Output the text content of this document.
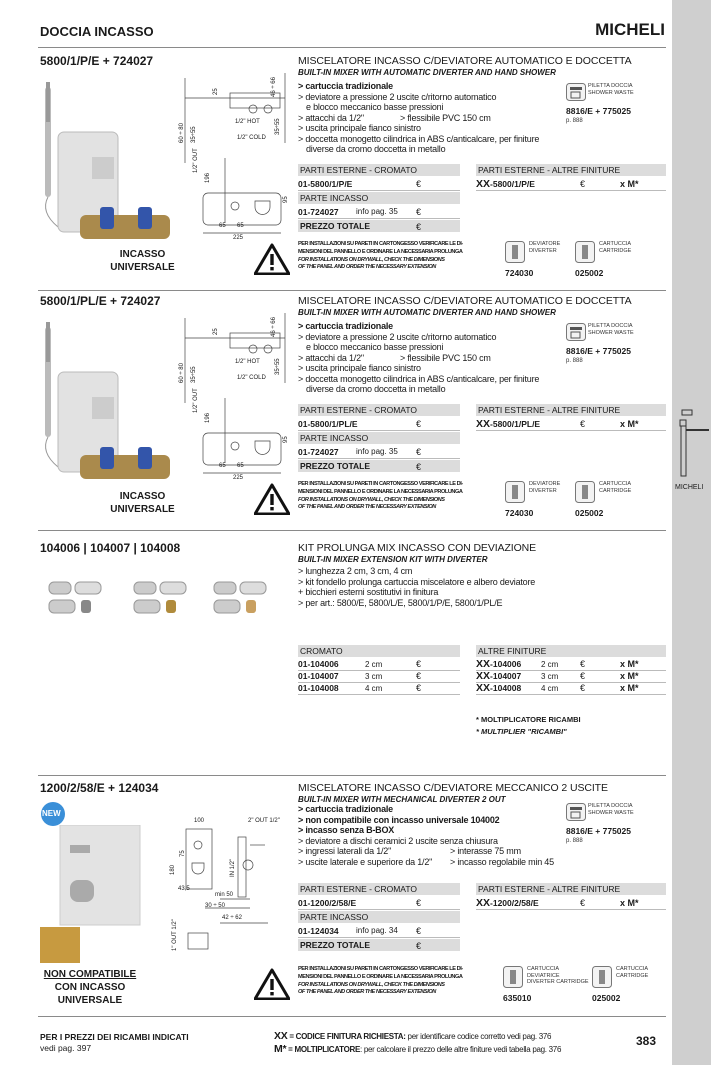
MICHELI
DOCCIA INCASSO	MICHELI
5800/1/P/E + 724027	MISCELATORE INCASSO C/DEVIATORE AUTOMATICO E DOCCETTA
BUILT-IN MIXER WITH AUTOMATIC DIVERTER AND HAND SHOWER
> cartuccia tradizionale
> deviatore a pressione 2 uscite c/ritorno automatico
e blocco meccanico basse pressioni
> attacchi da 1/2"	> flessibile PVC 150 cm
> uscita principale fianco sinistro
> doccetta monogetto cilindrica in ABS c/anticalcare, per finiture
diverse da cromo doccetta in metallo
PILETTA DOCCIA
SHOWER WASTE
8816/E + 775025
p. 888
PARTI ESTERNE - CROMATO	PARTI ESTERNE - ALTRE FINITURE
01-5800/1/P/E	€	XX-5800/1/P/E	€	x M*
PARTE INCASSO
01-724027 info pag. 35 €
PREZZO TOTALE	€
PER INSTALLAZIONI SU PARETI IN CARTONGESSO VERIFICARE LE DI-
MENSIONI DEL PANNELLO E ORDINARE LA NECESSARIA PROLUNGA
FOR INSTALLATIONS ON DRYWALL, CHECK THE DIMENSIONS
OF THE PANEL AND ORDER THE NECESSARY EXTENSION
DEVIATORE
DIVERTER
724030
CARTUCCIA
CARTRIDGE
025002
INCASSO
UNIVERSALE
25	46 ÷ 66
60 ÷ 80 35÷55
1/2" HOT
1/2" COLD
35÷55
1/2" OUT
196
95
65 65
225
5800/1/PL/E + 724027	MISCELATORE INCASSO C/DEVIATORE AUTOMATICO E DOCCETTA
BUILT-IN MIXER WITH AUTOMATIC DIVERTER AND HAND SHOWER
> cartuccia tradizionale
> deviatore a pressione 2 uscite c/ritorno automatico
e blocco meccanico basse pressioni
> attacchi da 1/2"	> flessibile PVC 150 cm
> uscita principale fianco sinistro
> doccetta monogetto cilindrica in ABS c/anticalcare, per finiture
diverse da cromo doccetta in metallo
PILETTA DOCCIA
SHOWER WASTE
8816/E + 775025
p. 888
PARTI ESTERNE - CROMATO	PARTI ESTERNE - ALTRE FINITURE
01-5800/1/PL/E	€	XX-5800/1/PL/E	€	x M*
PARTE INCASSO
01-724027 info pag. 35 €
PREZZO TOTALE	€
PER INSTALLAZIONI SU PARETI IN CARTONGESSO VERIFICARE LE DI-
MENSIONI DEL PANNELLO E ORDINARE LA NECESSARIA PROLUNGA
FOR INSTALLATIONS ON DRYWALL, CHECK THE DIMENSIONS
OF THE PANEL AND ORDER THE NECESSARY EXTENSION
DEVIATORE
DIVERTER
724030
CARTUCCIA
CARTRIDGE
025002
INCASSO
UNIVERSALE
25	46 ÷ 66
60 ÷ 80 35÷55
1/2" HOT
1/2" COLD
35÷55
1/2" OUT
196
95
65 65
225
104006 | 104007 | 104008	KIT PROLUNGA MIX INCASSO CON DEVIAZIONE
BUILT-IN MIXER EXTENSION KIT WITH DIVERTER
> lunghezza 2 cm, 3 cm, 4 cm
> kit fondello prolunga cartuccia miscelatore e albero deviatore
+ bicchieri esterni sostitutivi in finitura
> per art.: 5800/E, 5800/L/E, 5800/1/P/E, 5800/1/PL/E
CROMATO	ALTRE FINITURE
01-104006	2 cm	€	XX-104006 2 cm €	x M*
01-104007	3 cm	€	XX-104007 3 cm €	x M*
01-104008	4 cm	€	XX-104008 4 cm €	x M*
* MOLTIPLICATORE RICAMBI
* MULTIPLIER "RICAMBI"
NEW
1200/2/58/E + 124034	MISCELATORE INCASSO C/DEVIATORE MECCANICO 2 USCITE
BUILT-IN MIXER WITH MECHANICAL DIVERTER 2 OUT
> cartuccia tradizionale
> non compatibile con incasso universale 104002
> incasso senza B-BOX
> deviatore a dischi ceramici 2 uscite senza chiusura
> ingressi laterali da 1/2"	> interasse 75 mm
> uscite laterale e superiore da 1/2" > incasso regolabile min 45
PILETTA DOCCIA
SHOWER WASTE
8816/E + 775025
p. 888
PARTI ESTERNE - CROMATO	PARTI ESTERNE - ALTRE FINITURE
01-1200/2/58/E	€	XX-1200/2/58/E	€	x M*
PARTE INCASSO
01-124034 info pag. 34 €
PREZZO TOTALE	€
PER INSTALLAZIONI SU PARETI IN CARTONGESSO VERIFICARE LE DI-
MENSIONI DEL PANNELLO E ORDINARE LA NECESSARIA PROLUNGA
FOR INSTALLATIONS ON DRYWALL, CHECK THE DIMENSIONS
OF THE PANEL AND ORDER THE NECESSARY EXTENSION
CARTUCCIA
DEVIATRICE
DIVERTER CARTRIDGE
635010
CARTUCCIA
CARTRIDGE
025002
NON COMPATIBILE
CON INCASSO
UNIVERSALE
100
180
75
43,5
2" OUT 1/2"
IN 1/2"
min 50
30 ÷ 50
42 ÷ 62
1" OUT 1/2"
PER I PREZZI DEI RICAMBI INDICATI
vedi pag. 397
XX = CODICE FINITURA RICHIESTA: per identificare codice corretto vedi pag. 376
M* = MOLTIPLICATORE: per calcolare il prezzo delle altre finiture vedi tabella pag. 376
383
